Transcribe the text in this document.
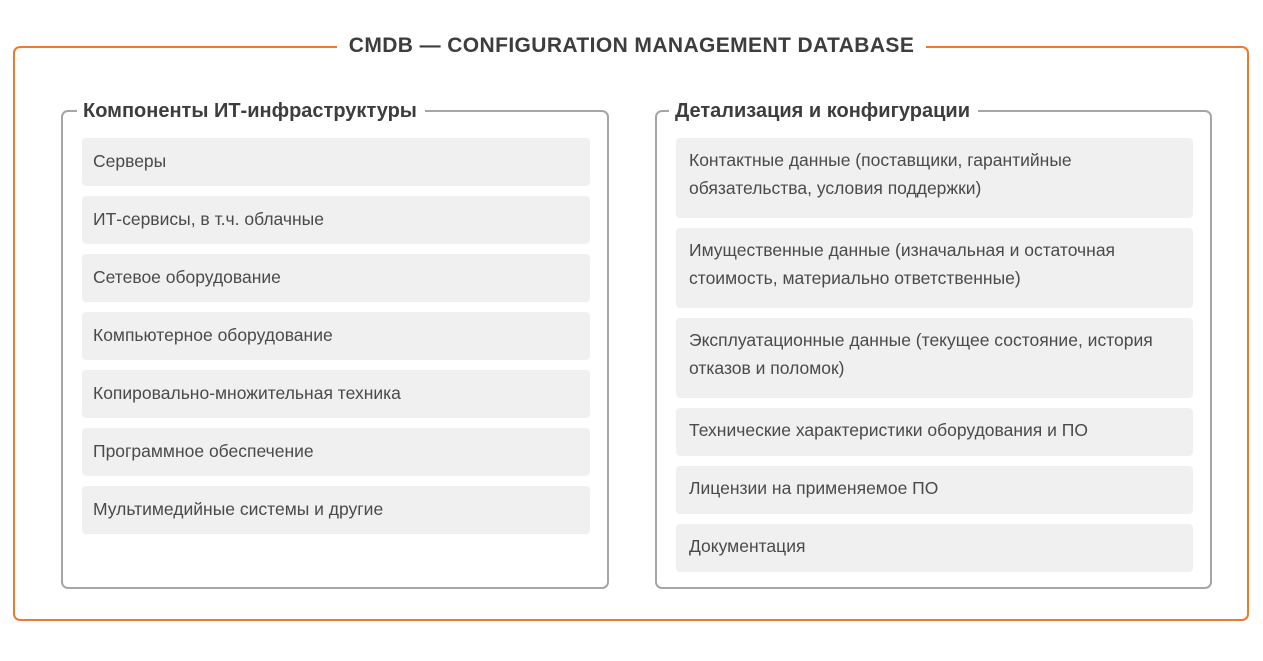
CMDB — CONFIGURATION MANAGEMENT DATABASE
Компоненты ИТ-инфраструктуры
Серверы
ИТ-сервисы, в т.ч. облачные
Сетевое оборудование
Компьютерное оборудование
Копировально-множительная техника
Программное обеспечение
Мультимедийные системы и другие
Детализация и конфигурации
Контактные данные (поставщики, гарантийные обязательства, условия поддержки)
Имущественные данные (изначальная и остаточная стоимость, материально ответственные)
Эксплуатационные данные (текущее состояние, история отказов и поломок)
Технические характеристики оборудования и ПО
Лицензии на применяемое ПО
Документация
